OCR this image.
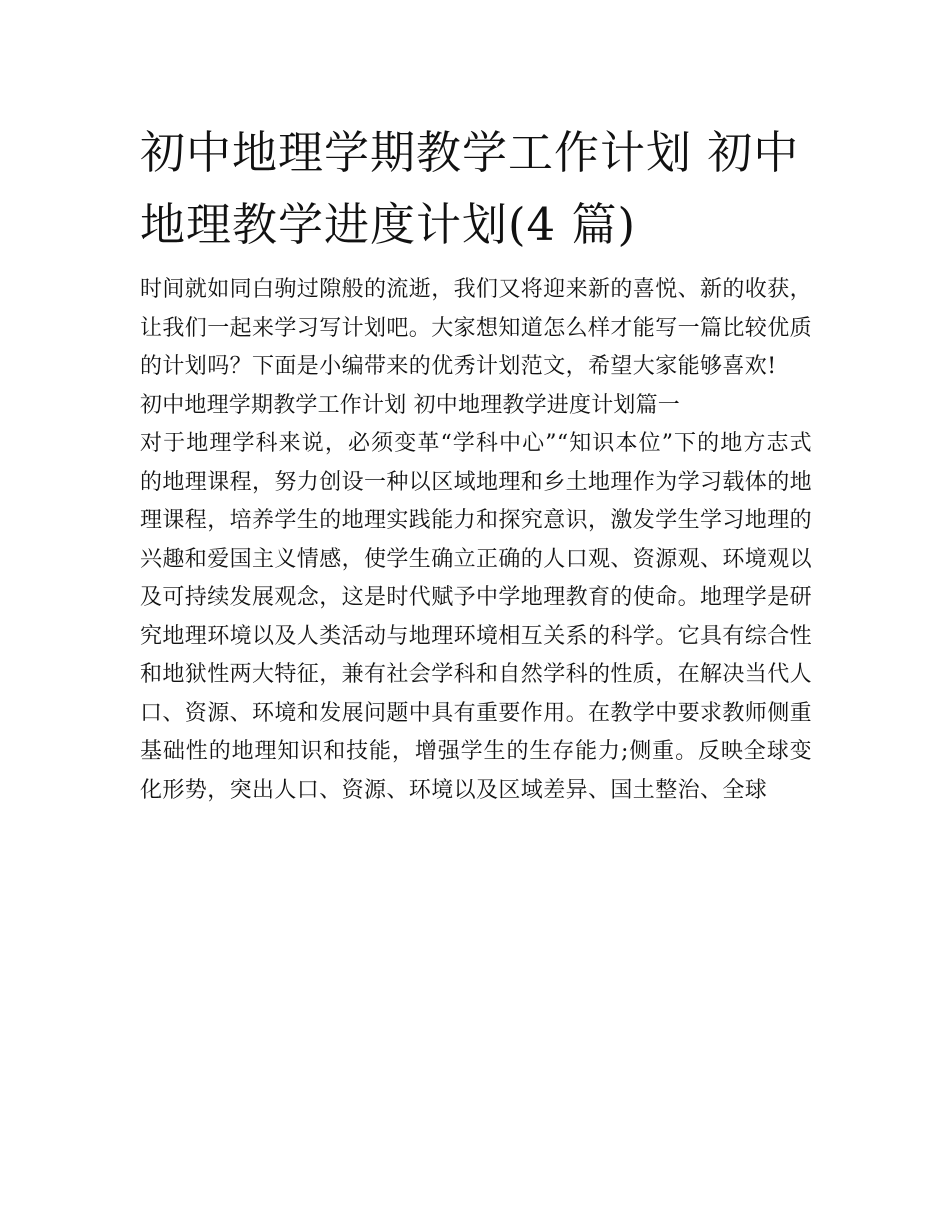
初中地理学期教学工作计划 初中地理教学进度计划(4 篇)

时间就如同白驹过隙般的流逝，我们又将迎来新的喜悦、新的收获，让我们一起来学习写计划吧。大家想知道怎么样才能写一篇比较优质的计划吗？下面是小编带来的优秀计划范文，希望大家能够喜欢!

初中地理学期教学工作计划 初中地理教学进度计划篇一

对于地理学科来说，必须变革“学科中心”“知识本位”下的地方志式的地理课程，努力创设一种以区域地理和乡土地理作为学习载体的地理课程，培养学生的地理实践能力和探究意识，激发学生学习地理的兴趣和爱国主义情感，使学生确立正确的人口观、资源观、环境观以及可持续发展观念，这是时代赋予中学地理教育的使命。地理学是研究地理环境以及人类活动与地理环境相互关系的科学。它具有综合性和地狱性两大特征，兼有社会学科和自然学科的性质，在解决当代人口、资源、环境和发展问题中具有重要作用。在教学中要求教师侧重基础性的地理知识和技能，增强学生的生存能力;侧重。反映全球变化形势，突出人口、资源、环境以及区域差异、国土整治、全球
